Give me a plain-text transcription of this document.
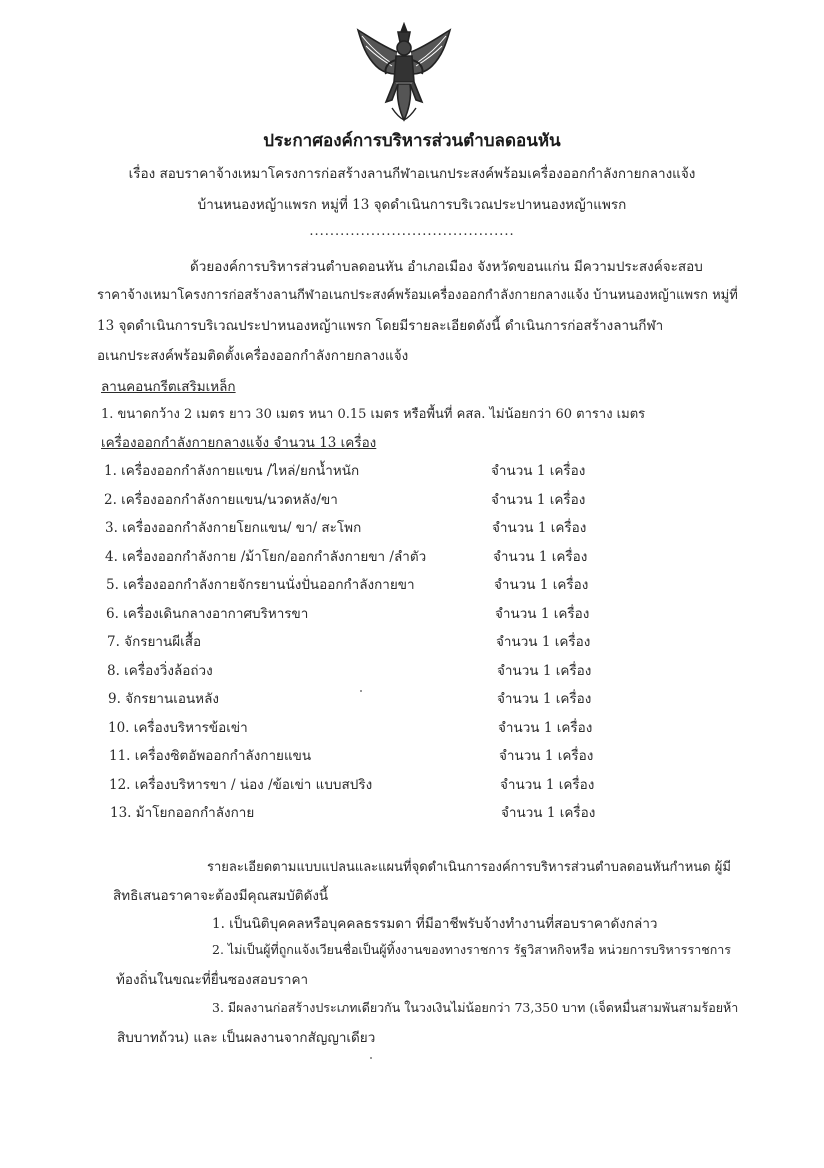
ประกาศองค์การบริหารส่วนตำบลดอนหัน
เรื่อง สอบราคาจ้างเหมาโครงการก่อสร้างลานกีฬาอเนกประสงค์พร้อมเครื่องออกกำลังกายกลางแจ้ง
บ้านหนองหญ้าแพรก หมู่ที่ 13 จุดดำเนินการบริเวณประปาหนองหญ้าแพรก
........................................
ด้วยองค์การบริหารส่วนตำบลดอนหัน อำเภอเมือง จังหวัดขอนแก่น มีความประสงค์จะสอบ
ราคาจ้างเหมาโครงการก่อสร้างลานกีฬาอเนกประสงค์พร้อมเครื่องออกกำลังกายกลางแจ้ง บ้านหนองหญ้าแพรก หมู่ที่
13 จุดดำเนินการบริเวณประปาหนองหญ้าแพรก โดยมีรายละเอียดดังนี้ ดำเนินการก่อสร้างลานกีฬา
อเนกประสงค์พร้อมติดตั้งเครื่องออกกำลังกายกลางแจ้ง
ลานคอนกรีตเสริมเหล็ก
1. ขนาดกว้าง 2 เมตร ยาว 30 เมตร หนา 0.15 เมตร หรือพื้นที่ คสล. ไม่น้อยกว่า 60 ตาราง เมตร
เครื่องออกกำลังกายกลางแจ้ง จำนวน 13 เครื่อง
1. เครื่องออกกำลังกายแขน /ไหล่/ยกน้ำหนัก	จำนวน 1 เครื่อง
2. เครื่องออกกำลังกายแขน/นวดหลัง/ขา	จำนวน 1 เครื่อง
3. เครื่องออกกำลังกายโยกแขน/ ขา/ สะโพก	จำนวน 1 เครื่อง
4. เครื่องออกกำลังกาย /ม้าโยก/ออกกำลังกายขา /ลำตัว	จำนวน 1 เครื่อง
5. เครื่องออกกำลังกายจักรยานนั่งปั่นออกกำลังกายขา	จำนวน 1 เครื่อง
6. เครื่องเดินกลางอากาศบริหารขา	จำนวน 1 เครื่อง
7. จักรยานผีเสื้อ	จำนวน 1 เครื่อง
8. เครื่องวิ่งล้อถ่วง	จำนวน 1 เครื่อง
9. จักรยานเอนหลัง	จำนวน 1 เครื่อง
10. เครื่องบริหารข้อเข่า	จำนวน 1 เครื่อง
11. เครื่องซิตอัพออกกำลังกายแขน	จำนวน 1 เครื่อง
12. เครื่องบริหารขา / น่อง /ข้อเข่า แบบสปริง	จำนวน 1 เครื่อง
13. ม้าโยกออกกำลังกาย	จำนวน 1 เครื่อง
รายละเอียดตามแบบแปลนและแผนที่จุดดำเนินการองค์การบริหารส่วนตำบลดอนหันกำหนด ผู้มี
สิทธิเสนอราคาจะต้องมีคุณสมบัติดังนี้
1. เป็นนิติบุคคลหรือบุคคลธรรมดา ที่มีอาชีพรับจ้างทำงานที่สอบราคาดังกล่าว
2. ไม่เป็นผู้ที่ถูกแจ้งเวียนชื่อเป็นผู้ทิ้งงานของทางราชการ รัฐวิสาหกิจหรือ หน่วยการบริหารราชการ
ท้องถิ่นในขณะที่ยื่นซองสอบราคา
3. มีผลงานก่อสร้างประเภทเดียวกัน ในวงเงินไม่น้อยกว่า 73,350 บาท (เจ็ดหมื่นสามพันสามร้อยห้า
สิบบาทถ้วน) และ เป็นผลงานจากสัญญาเดียว
